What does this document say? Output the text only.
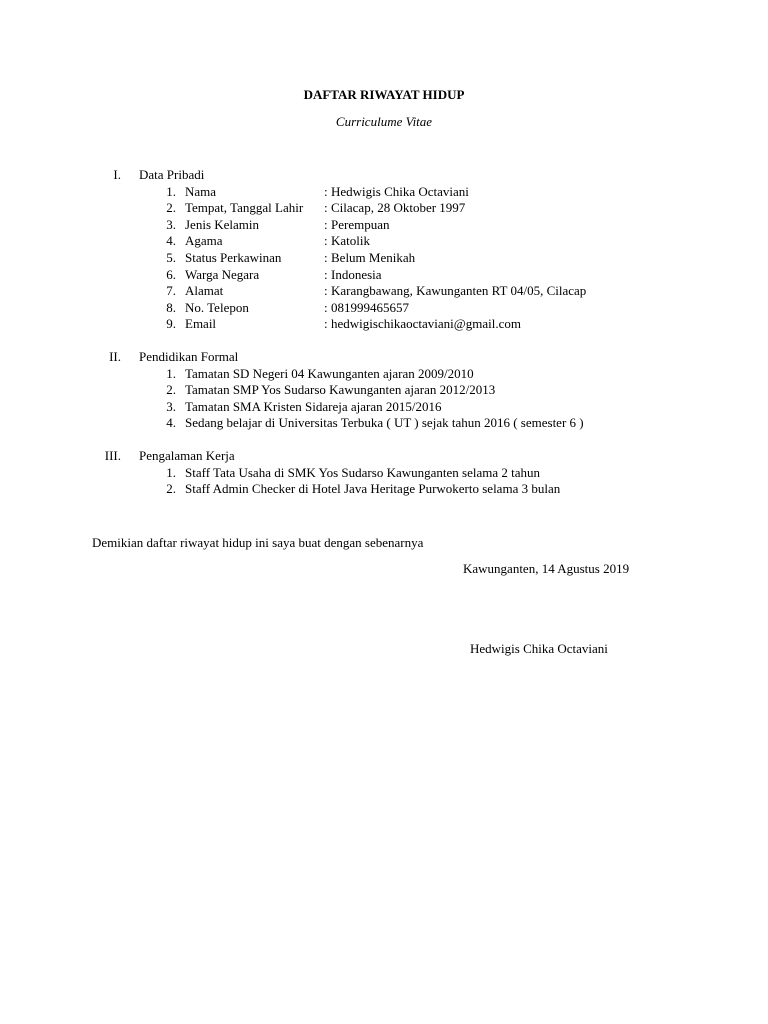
DAFTAR RIWAYAT HIDUP
Curriculume Vitae
I. Data Pribadi
1. Nama	: Hedwigis Chika Octaviani
2. Tempat, Tanggal Lahir : Cilacap, 28 Oktober 1997
3. Jenis Kelamin	: Perempuan
4. Agama	: Katolik
5. Status Perkawinan	: Belum Menikah
6. Warga Negara	: Indonesia
7. Alamat	: Karangbawang, Kawunganten RT 04/05, Cilacap
8. No. Telepon	: 081999465657
9. Email	: hedwigischikaoctaviani@gmail.com
II. Pendidikan Formal
1. Tamatan SD Negeri 04 Kawunganten ajaran 2009/2010
2. Tamatan SMP Yos Sudarso Kawunganten ajaran 2012/2013
3. Tamatan SMA Kristen Sidareja ajaran 2015/2016
4. Sedang belajar di Universitas Terbuka ( UT ) sejak tahun 2016 ( semester 6 )
III. Pengalaman Kerja
1. Staff Tata Usaha di SMK Yos Sudarso Kawunganten selama 2 tahun
2. Staff Admin Checker di Hotel Java Heritage Purwokerto selama 3 bulan
Demikian daftar riwayat hidup ini saya buat dengan sebenarnya
Kawunganten, 14 Agustus 2019
Hedwigis Chika Octaviani
